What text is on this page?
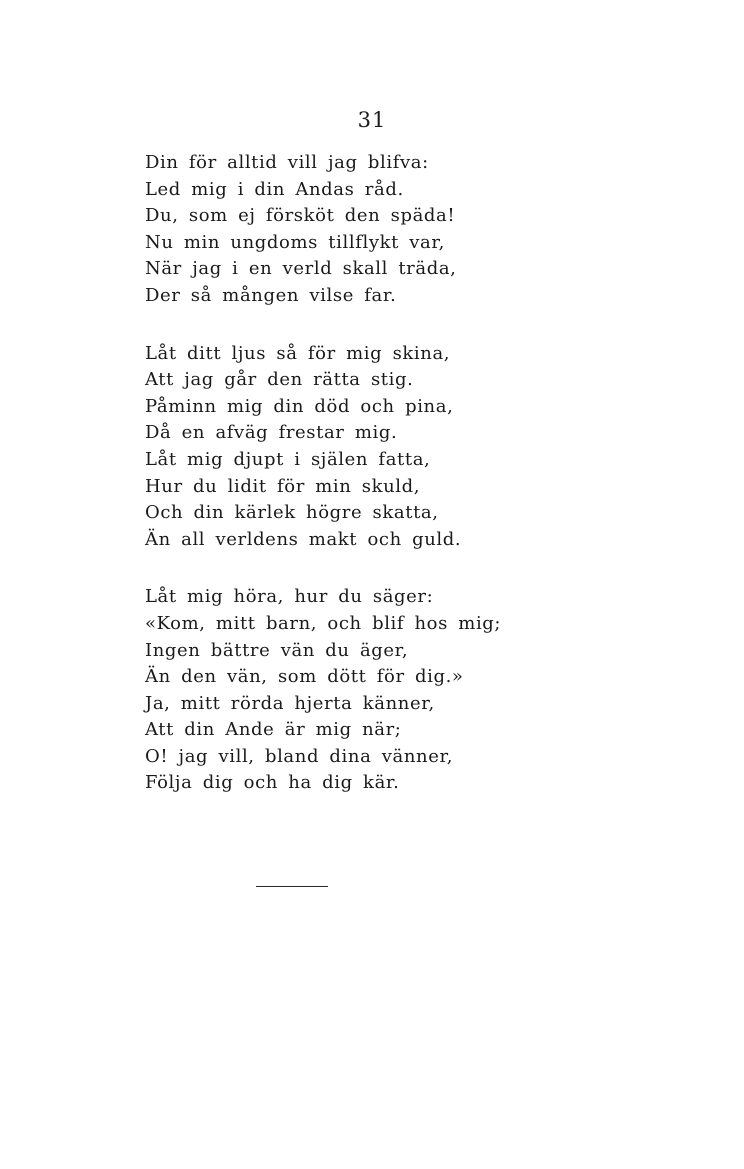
31
Din för alltid vill jag blifva:
Led mig i din Andas råd.
Du, som ej försköt den späda!
Nu min ungdoms tillflykt var,
När jag i en verld skall träda,
Der så mången vilse far.
Låt ditt ljus så för mig skina,
Att jag går den rätta stig.
Påminn mig din död och pina,
Då en afväg frestar mig.
Låt mig djupt i själen fatta,
Hur du lidit för min skuld,
Och din kärlek högre skatta,
Än all verldens makt och guld.
Låt mig höra, hur du säger:
«Kom, mitt barn, och blif hos mig;
Ingen bättre vän du äger,
Än den vän, som dött för dig.»
Ja, mitt rörda hjerta känner,
Att din Ande är mig när;
O! jag vill, bland dina vänner,
Följa dig och ha dig kär.
